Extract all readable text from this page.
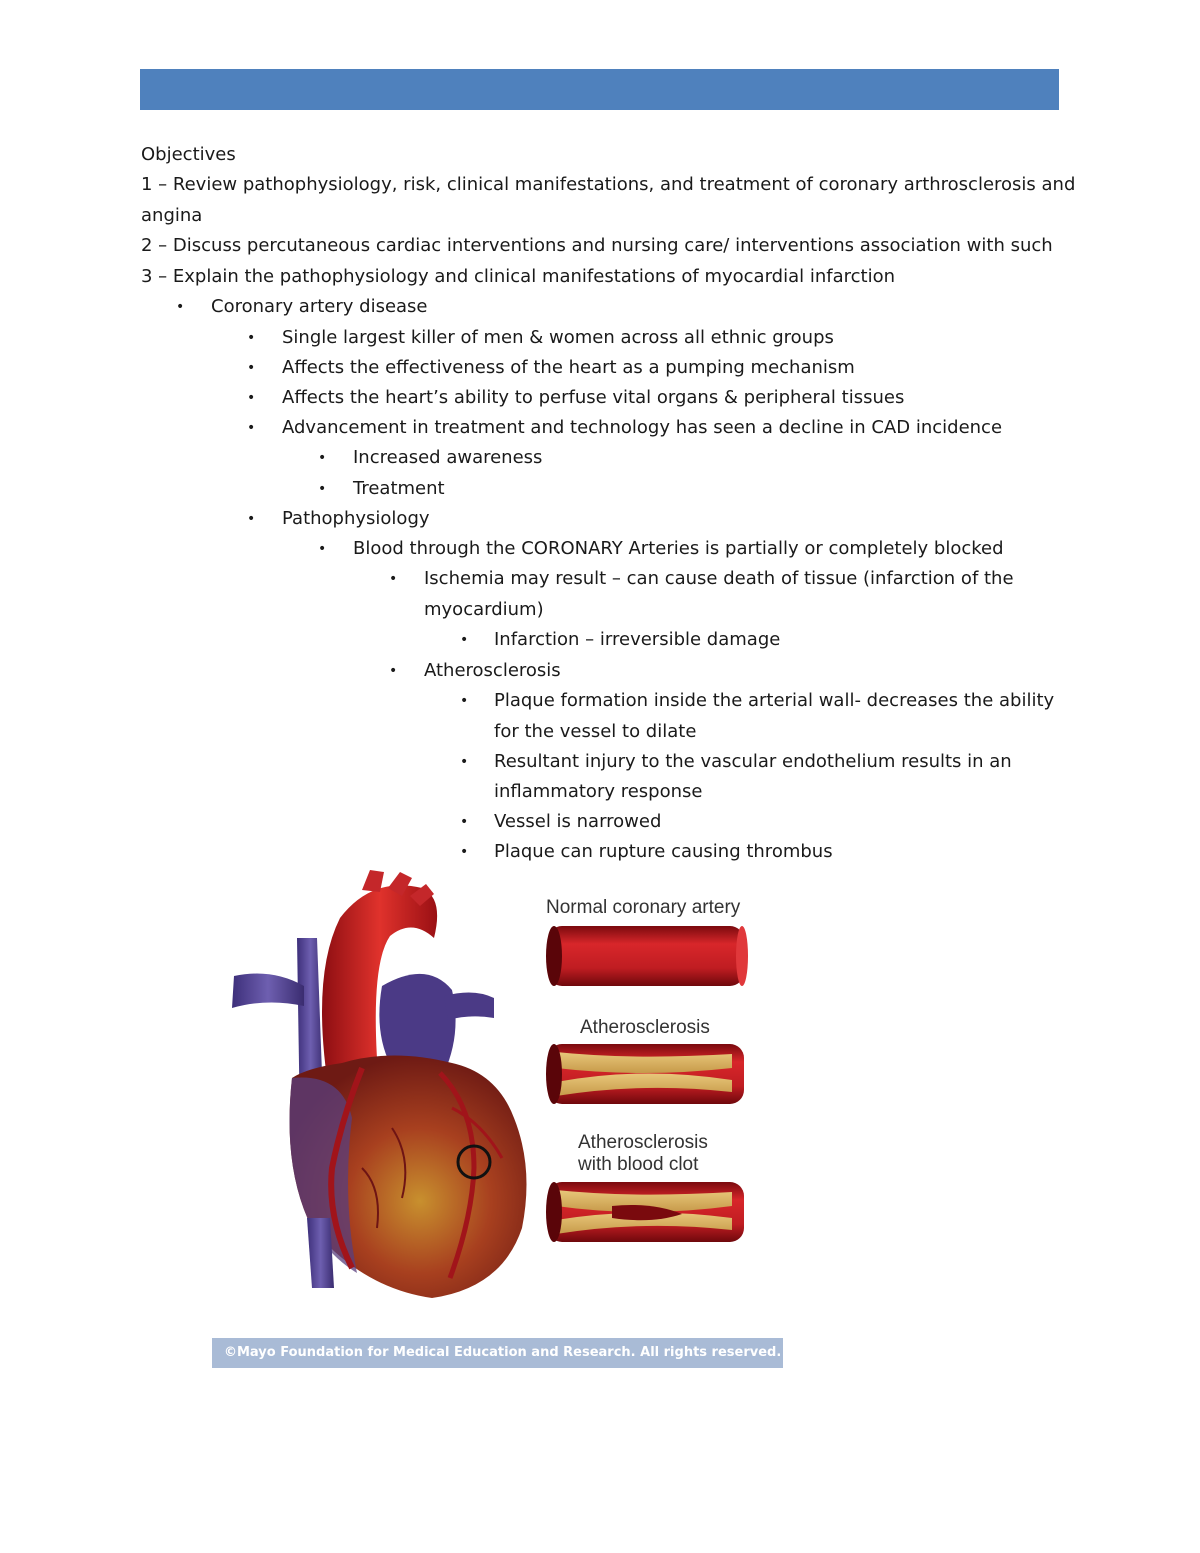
Objectives
1 – Review pathophysiology, risk, clinical manifestations, and treatment of coronary arthrosclerosis and
angina
2 – Discuss percutaneous cardiac interventions and nursing care/ interventions association with such
3 – Explain the pathophysiology and clinical manifestations of myocardial infarction
• Coronary artery disease
• Single largest killer of men & women across all ethnic groups
• Affects the effectiveness of the heart as a pumping mechanism
• Affects the heart’s ability to perfuse vital organs & peripheral tissues
• Advancement in treatment and technology has seen a decline in CAD incidence
• Increased awareness
• Treatment
• Pathophysiology
• Blood through the CORONARY Arteries is partially or completely blocked
• Ischemia may result – can cause death of tissue (infarction of the
myocardium)
• Infarction – irreversible damage
• Atherosclerosis
• Plaque formation inside the arterial wall- decreases the ability
for the vessel to dilate
• Resultant injury to the vascular endothelium results in an
inflammatory response
• Vessel is narrowed
• Plaque can rupture causing thrombus
Normal coronary artery
Atherosclerosis
Atherosclerosis
with blood clot
©Mayo Foundation for Medical Education and Research. All rights reserved.
